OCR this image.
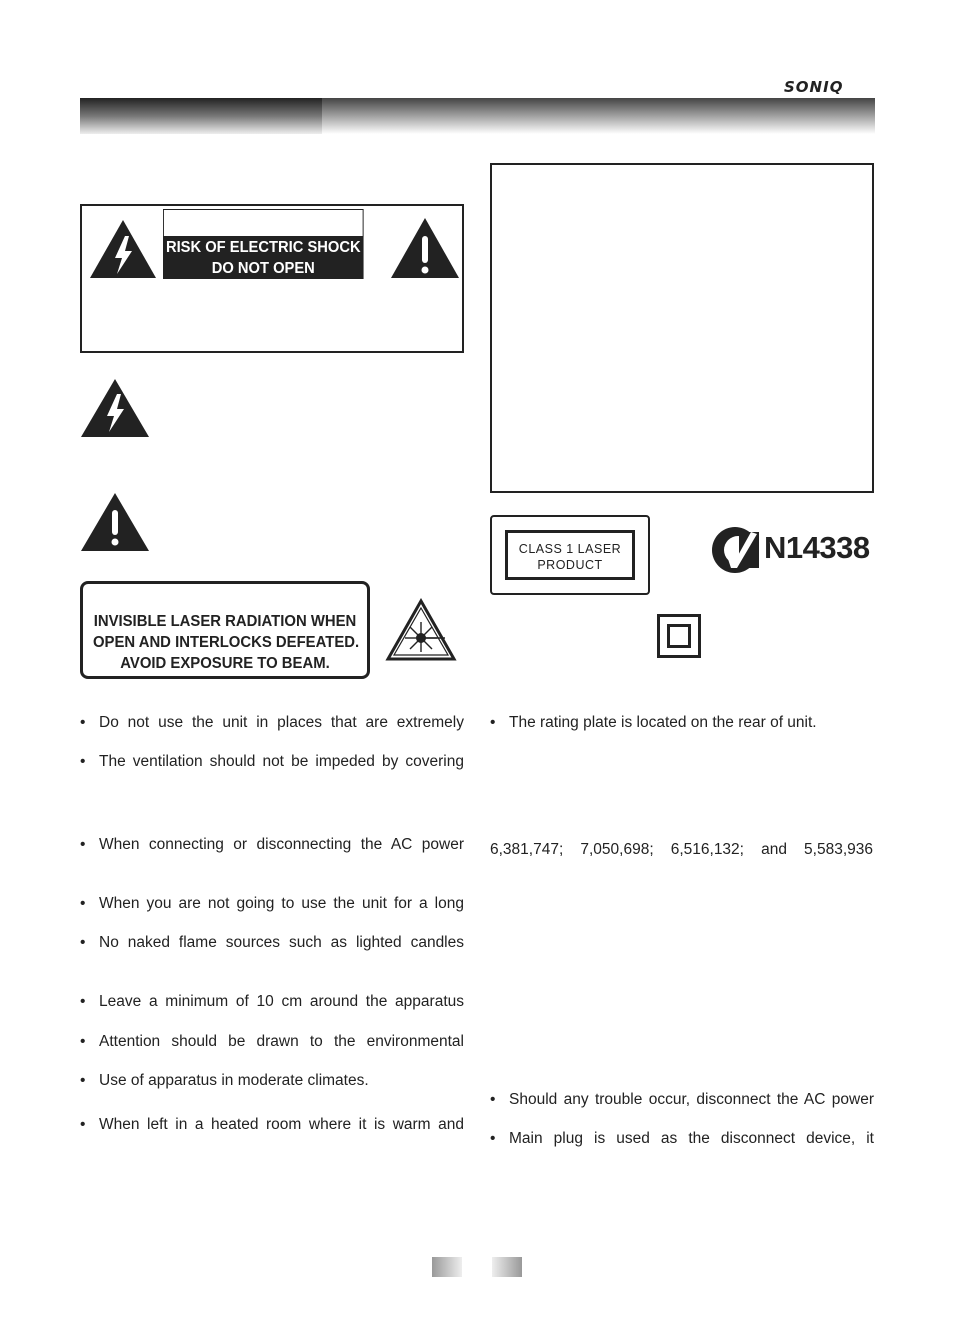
SONIQ
RISK OF ELECTRIC SHOCK
DO NOT OPEN
INVISIBLE LASER RADIATION WHEN
OPEN AND INTERLOCKS DEFEATED.
AVOID EXPOSURE TO BEAM.
CLASS 1 LASER
PRODUCT	N14338
• Do not use the unit in places that are extremely
• The ventilation should not be impeded by covering
• When connecting or disconnecting the AC power
• When you are not going to use the unit for a long
• No naked flame sources such as lighted candles
• Leave a minimum of 10 cm around the apparatus
• Attention should be drawn to the environmental
• Use of apparatus in moderate climates.
• When left in a heated room where it is warm and
• The rating plate is located on the rear of unit.
6,381,747; 7,050,698; 6,516,132; and 5,583,936
• Should any trouble occur, disconnect the AC power
• Main plug is used as the disconnect device, it
